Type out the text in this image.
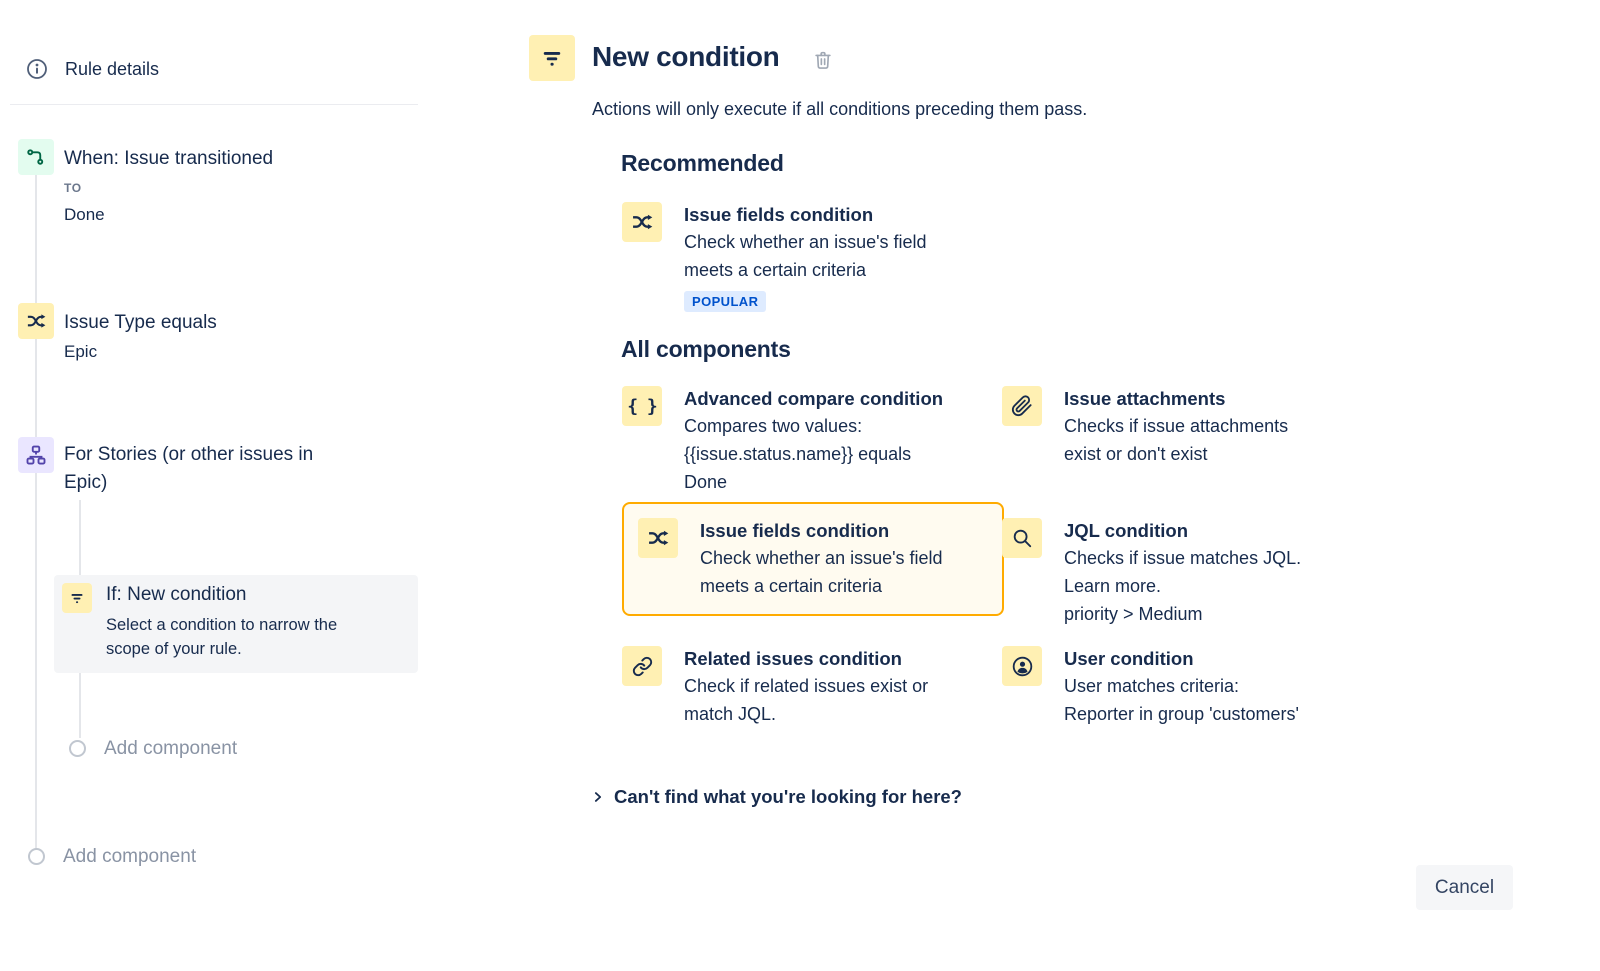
Rule details
When: Issue transitioned
TO
Done
Issue Type equals
Epic
For Stories (or other issues in
Epic)
If: New condition
Select a condition to narrow the
scope of your rule.
Add component
Add component
New condition
Actions will only execute if all conditions preceding them pass.
Recommended
Issue fields condition
Check whether an issue's field
meets a certain criteria
POPULAR
All components
{ } Advanced compare condition
Compares two values:
{{issue.status.name}} equals
Done
Issue attachments
Checks if issue attachments
exist or don't exist
Issue fields condition
Check whether an issue's field
meets a certain criteria
JQL condition
Checks if issue matches JQL.
Learn more.
priority > Medium
Related issues condition
Check if related issues exist or
match JQL.
User condition
User matches criteria:
Reporter in group 'customers'
Can't find what you're looking for here?
Cancel
